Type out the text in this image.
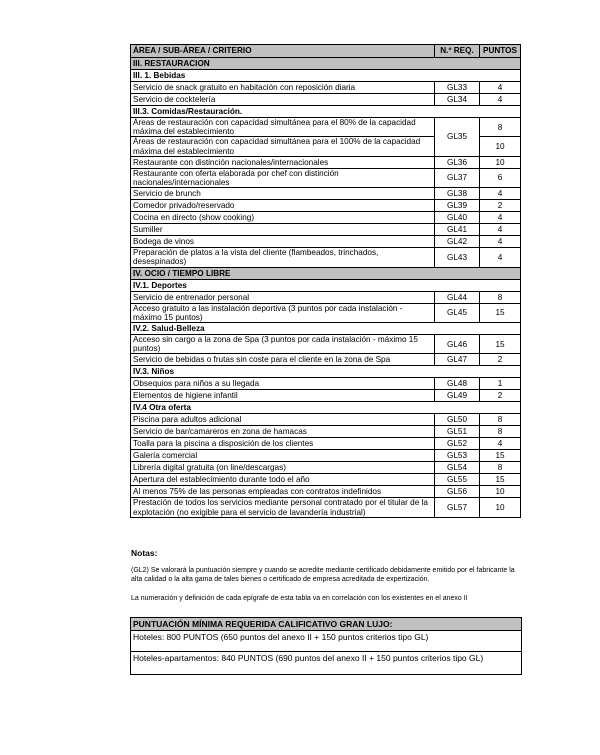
ÁREA / SUB-ÁREA / CRITERIO	N.º REQ.	PUNTOS
III. RESTAURACION		
III. 1. Bebidas		
Servicio de snack gratuito en habitación con reposición diaria	GL33	4
Servicio de cocktelería	GL34	4
III.3. Comidas/Restauración.		
Áreas de restauración con capacidad simultánea para el 80% de la capacidad máxima del establecimiento	GL35	8
Áreas de restauración con capacidad simultánea para el 100% de la capacidad máxima del establecimiento		10
Restaurante con distinción nacionales/internacionales	GL36	10
Restaurante con oferta elaborada por chef con distinción nacionales/internacionales	GL37	6
Servicio de brunch	GL38	4
Comedor privado/reservado	GL39	2
Cocina en directo (show cooking)	GL40	4
Sumiller	GL41	4
Bodega de vinos	GL42	4
Preparación de platos a la vista del cliente (flambeados, trinchados, desespinados)	GL43	4
IV. OCIO / TIEMPO LIBRE		
IV.1. Deportes		
Servicio de entrenador personal	GL44	8
Acceso gratuito a las instalación deportiva (3 puntos por cada instalación - máximo 15 puntos)	GL45	15
IV.2. Salud-Belleza		
Acceso sin cargo a la zona de Spa (3 puntos por cada instalación - máximo 15 puntos)	GL46	15
Servicio de bebidas o frutas sin coste para el cliente en la zona de Spa	GL47	2
IV.3. Niños		
Obsequios para niños a su llegada	GL48	1
Elementos de higiene infantil	GL49	2
IV.4 Otra oferta		
Piscina para adultos adicional	GL50	8
Servicio de bar/camareros en zona de hamacas	GL51	8
Toalla para la piscina a disposición de los clientes	GL52	4
Galería comercial	GL53	15
Librería digital gratuita (on line/descargas)	GL54	8
Apertura del establecimiento durante todo el año	GL55	15
Al menos 75% de las personas empleadas con contratos indefinidos	GL56	10
Prestación de todos los servicios mediante personal contratado por el titular de la explotación (no exigible para el servicio de lavandería industrial)	GL57	10
Notas:
(GL2) Se valorará la puntuación siempre y cuando se acredite mediante certificado debidamente emitido por el fabricante la alta calidad o la alta gama de tales bienes o certificado de empresa acreditada de expertización.
La numeración y definición de cada epígrafe de esta tabla va en correlación con los existentes en el anexo II
PUNTUACIÓN MÍNIMA REQUERIDA CALIFICATIVO GRAN LUJO:
Hoteles: 800 PUNTOS (650 puntos del anexo II + 150 puntos criterios tipo GL)
Hoteles-apartamentos: 840 PUNTOS (690 puntos del anexo II + 150 puntos criterios tipo GL)
